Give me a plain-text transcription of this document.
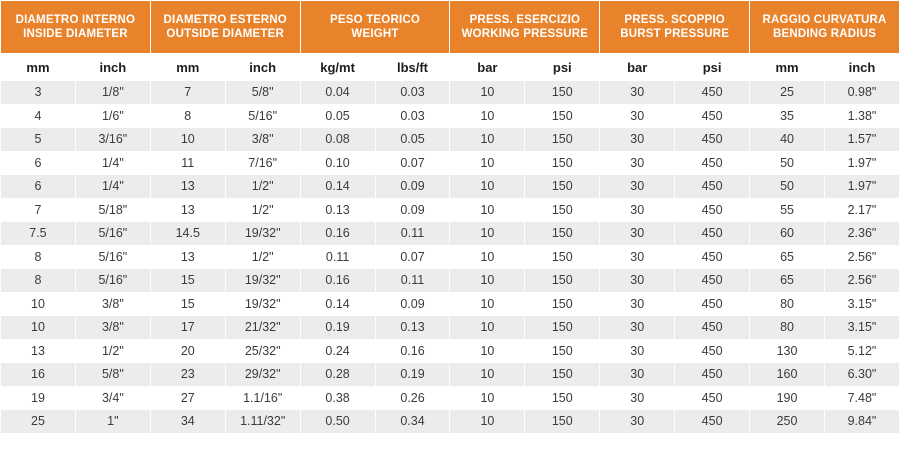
DIAMETRO INTERNO
INSIDE DIAMETER		DIAMETRO ESTERNO
OUTSIDE DIAMETER		PESO TEORICO
WEIGHT		PRESS. ESERCIZIO
WORKING PRESSURE		PRESS. SCOPPIO
BURST PRESSURE		RAGGIO CURVATURA
BENDING RADIUS	

mm	inch	mm	inch	kg/mt	lbs/ft	bar	psi	bar	psi	mm	inch
3	1/8"	7	5/8"	0.04	0.03	10	150	30	450	25	0.98"
4	1/6"	8	5/16"	0.05	0.03	10	150	30	450	35	1.38"
5	3/16"	10	3/8"	0.08	0.05	10	150	30	450	40	1.57"
6	1/4"	11	7/16"	0.10	0.07	10	150	30	450	50	1.97"
6	1/4"	13	1/2"	0.14	0.09	10	150	30	450	50	1.97"
7	5/18"	13	1/2"	0.13	0.09	10	150	30	450	55	2.17"
7.5	5/16"	14.5	19/32"	0.16	0.11	10	150	30	450	60	2.36"
8	5/16"	13	1/2"	0.11	0.07	10	150	30	450	65	2.56"
8	5/16"	15	19/32"	0.16	0.11	10	150	30	450	65	2.56"
10	3/8"	15	19/32"	0.14	0.09	10	150	30	450	80	3.15"
10	3/8"	17	21/32"	0.19	0.13	10	150	30	450	80	3.15"
13	1/2"	20	25/32"	0.24	0.16	10	150	30	450	130	5.12"
16	5/8"	23	29/32"	0.28	0.19	10	150	30	450	160	6.30"
19	3/4"	27	1.1/16"	0.38	0.26	10	150	30	450	190	7.48"
25	1"	34	1.11/32"	0.50	0.34	10	150	30	450	250	9.84"
